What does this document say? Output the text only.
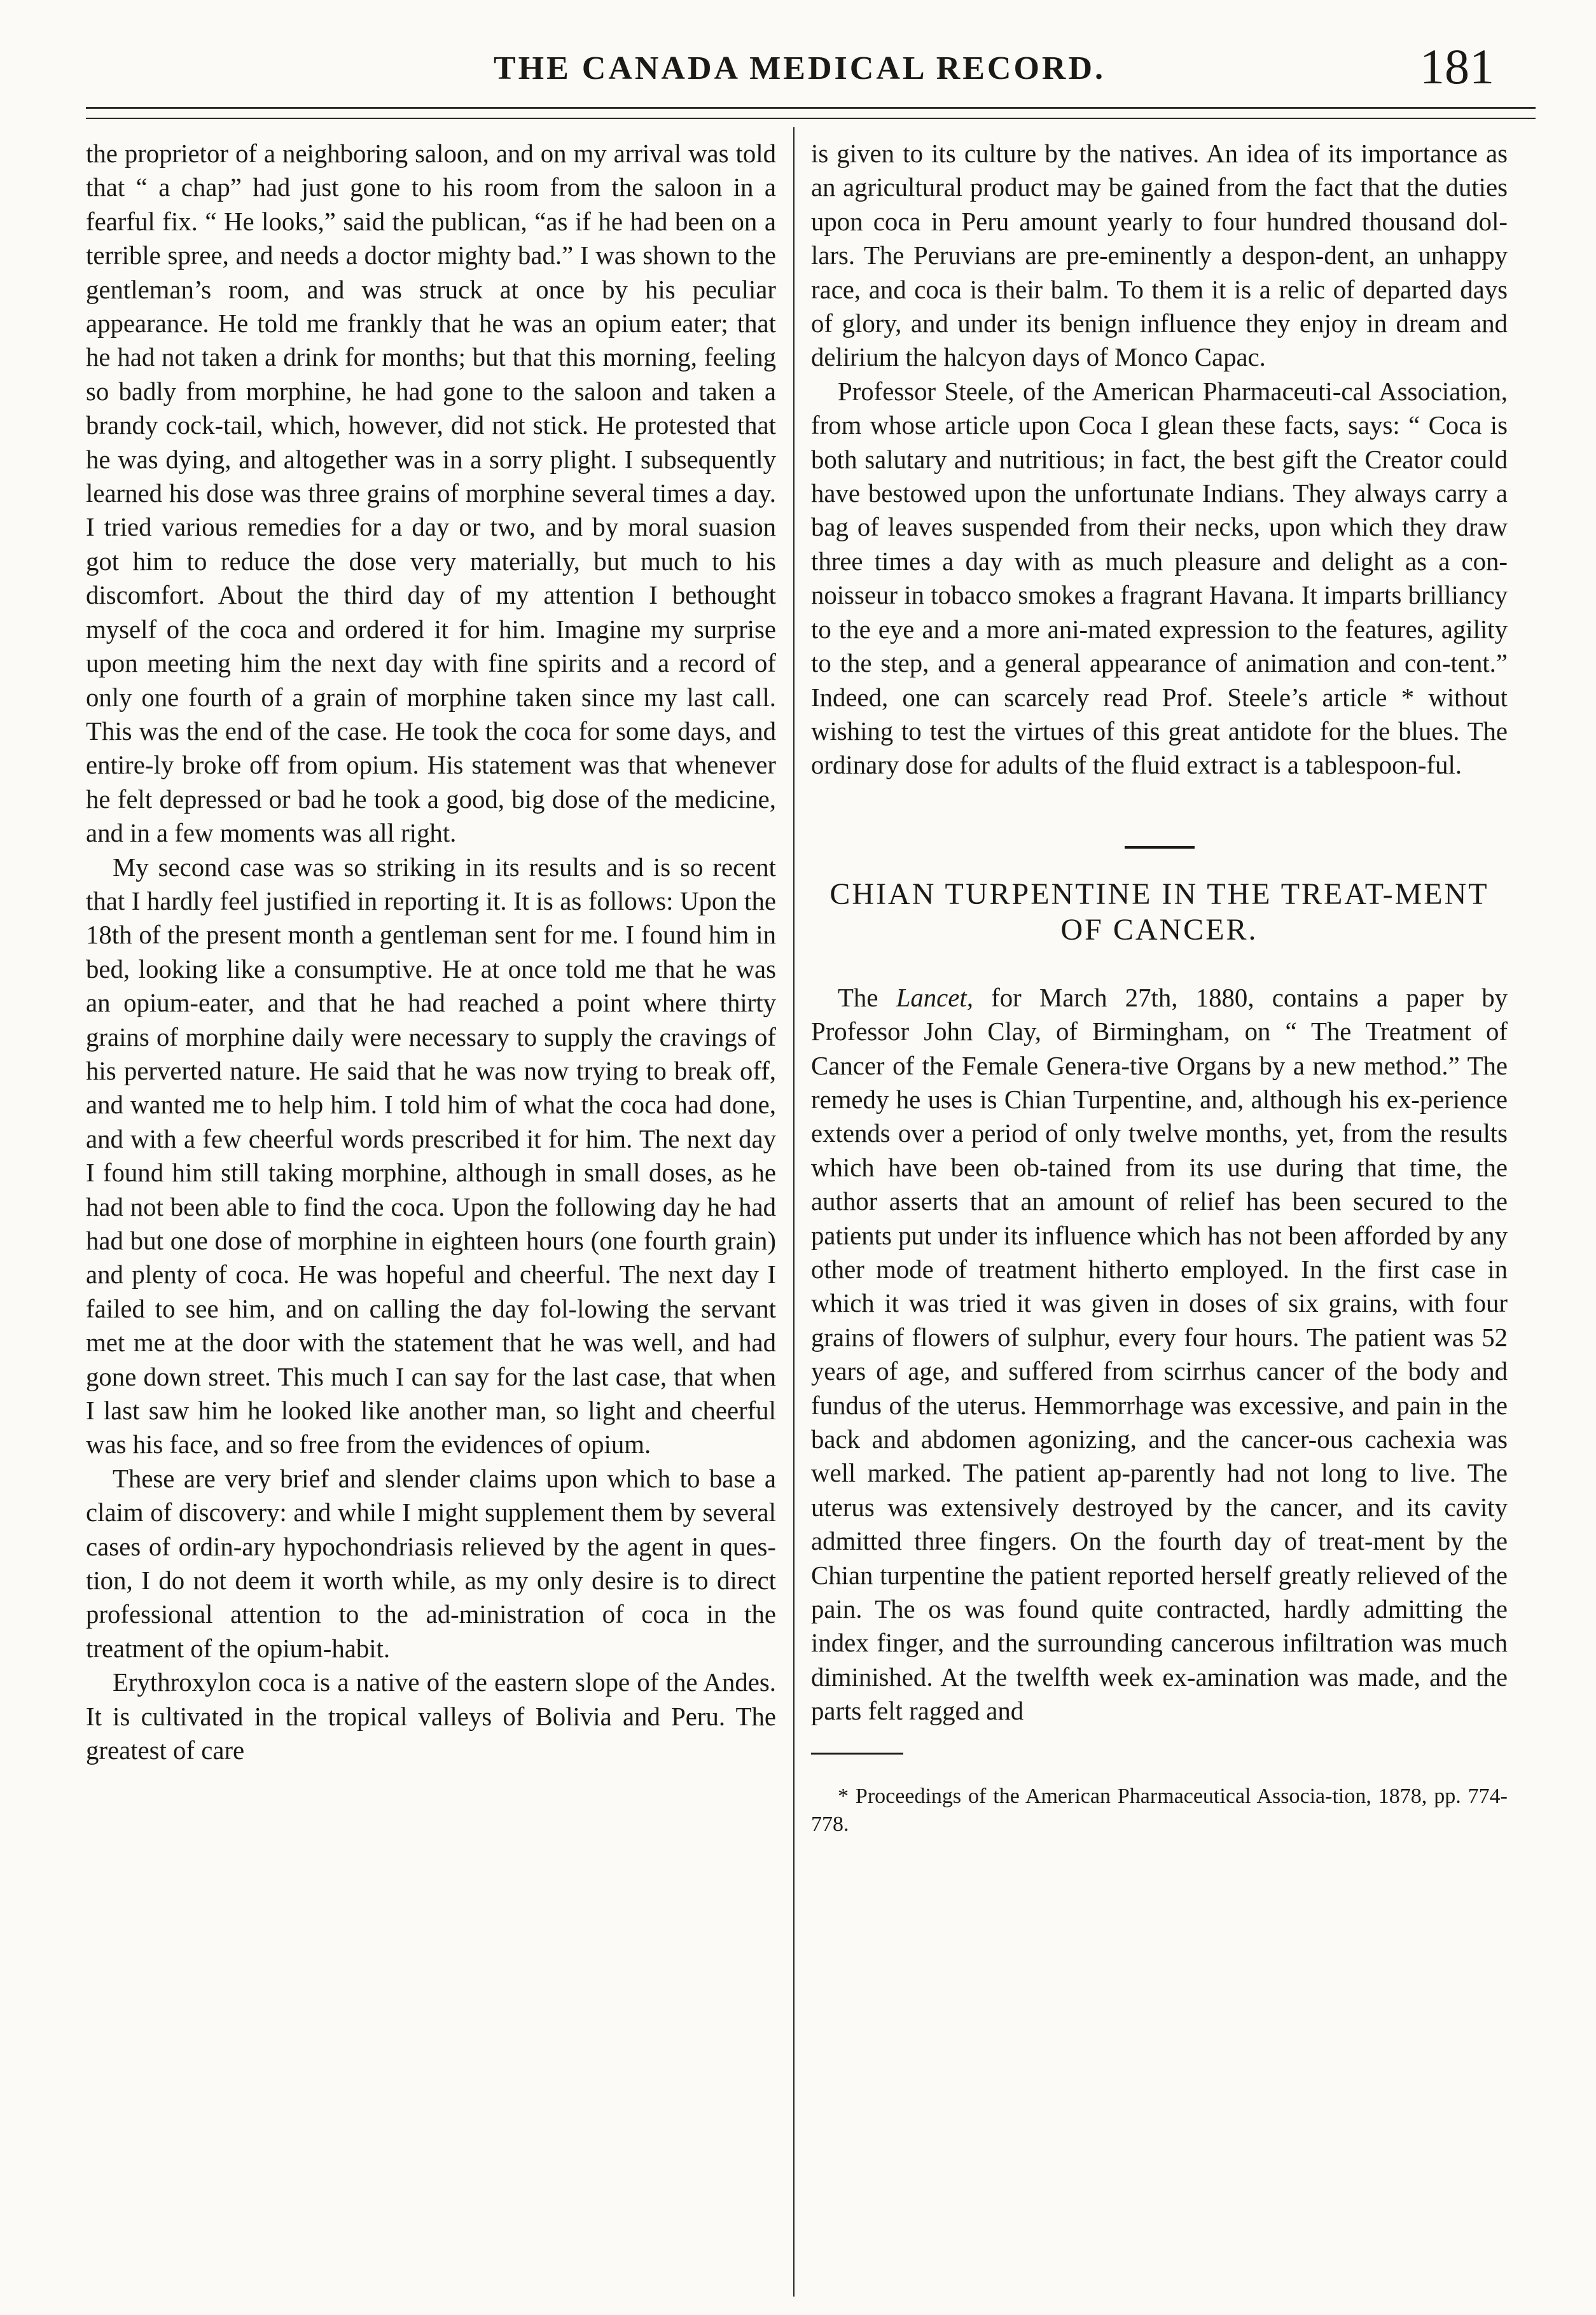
THE CANADA MEDICAL RECORD.	181

the proprietor of a neighboring saloon, and on my arrival was told that “ a chap” had just gone to his room from the saloon in a fearful fix. “ He looks,” said the publican, “as if he had been on a terrible spree, and needs a doctor mighty bad.” I was shown to the gentleman’s room, and was struck at once by his peculiar appearance. He told me frankly that he was an opium eater; that he had not taken a drink for months; but that this morning, feeling so badly from morphine, he had gone to the saloon and taken a brandy cock-tail, which, however, did not stick. He protested that he was dying, and altogether was in a sorry plight. I subsequently learned his dose was three grains of morphine several times a day. I tried various remedies for a day or two, and by moral suasion got him to reduce the dose very materially, but much to his discomfort. About the third day of my attention I bethought myself of the coca and ordered it for him. Imagine my surprise upon meeting him the next day with fine spirits and a record of only one fourth of a grain of morphine taken since my last call. This was the end of the case. He took the coca for some days, and entire-ly broke off from opium. His statement was that whenever he felt depressed or bad he took a good, big dose of the medicine, and in a few moments was all right.

My second case was so striking in its results and is so recent that I hardly feel justified in reporting it. It is as follows: Upon the 18th of the present month a gentleman sent for me. I found him in bed, looking like a consumptive. He at once told me that he was an opium-eater, and that he had reached a point where thirty grains of morphine daily were necessary to supply the cravings of his perverted nature. He said that he was now trying to break off, and wanted me to help him. I told him of what the coca had done, and with a few cheerful words prescribed it for him. The next day I found him still taking morphine, although in small doses, as he had not been able to find the coca. Upon the following day he had had but one dose of morphine in eighteen hours (one fourth grain) and plenty of coca. He was hopeful and cheerful. The next day I failed to see him, and on calling the day fol-lowing the servant met me at the door with the statement that he was well, and had gone down street. This much I can say for the last case, that when I last saw him he looked like another man, so light and cheerful was his face, and so free from the evidences of opium.

These are very brief and slender claims upon which to base a claim of discovery: and while I might supplement them by several cases of ordin-ary hypochondriasis relieved by the agent in ques-tion, I do not deem it worth while, as my only desire is to direct professional attention to the ad-ministration of coca in the treatment of the opium-habit.

Erythroxylon coca is a native of the eastern slope of the Andes. It is cultivated in the tropical valleys of Bolivia and Peru. The greatest of care

is given to its culture by the natives. An idea of its importance as an agricultural product may be gained from the fact that the duties upon coca in Peru amount yearly to four hundred thousand dol-lars. The Peruvians are pre-eminently a despon-dent, an unhappy race, and coca is their balm. To them it is a relic of departed days of glory, and under its benign influence they enjoy in dream and delirium the halcyon days of Monco Capac.

Professor Steele, of the American Pharmaceuti-cal Association, from whose article upon Coca I glean these facts, says: “ Coca is both salutary and nutritious; in fact, the best gift the Creator could have bestowed upon the unfortunate Indians. They always carry a bag of leaves suspended from their necks, upon which they draw three times a day with as much pleasure and delight as a con-noisseur in tobacco smokes a fragrant Havana. It imparts brilliancy to the eye and a more ani-mated expression to the features, agility to the step, and a general appearance of animation and con-tent.” Indeed, one can scarcely read Prof. Steele’s article * without wishing to test the virtues of this great antidote for the blues. The ordinary dose for adults of the fluid extract is a tablespoon-ful.

CHIAN TURPENTINE IN THE TREAT-MENT OF CANCER.

The Lancet, for March 27th, 1880, contains a paper by Professor John Clay, of Birmingham, on “ The Treatment of Cancer of the Female Genera-tive Organs by a new method.” The remedy he uses is Chian Turpentine, and, although his ex-perience extends over a period of only twelve months, yet, from the results which have been ob-tained from its use during that time, the author asserts that an amount of relief has been secured to the patients put under its influence which has not been afforded by any other mode of treatment hitherto employed. In the first case in which it was tried it was given in doses of six grains, with four grains of flowers of sulphur, every four hours. The patient was 52 years of age, and suffered from scirrhus cancer of the body and fundus of the uterus. Hemmorrhage was excessive, and pain in the back and abdomen agonizing, and the cancer-ous cachexia was well marked. The patient ap-parently had not long to live. The uterus was extensively destroyed by the cancer, and its cavity admitted three fingers. On the fourth day of treat-ment by the Chian turpentine the patient reported herself greatly relieved of the pain. The os was found quite contracted, hardly admitting the index finger, and the surrounding cancerous infiltration was much diminished. At the twelfth week ex-amination was made, and the parts felt ragged and

* Proceedings of the American Pharmaceutical Associa-tion, 1878, pp. 774-778.
